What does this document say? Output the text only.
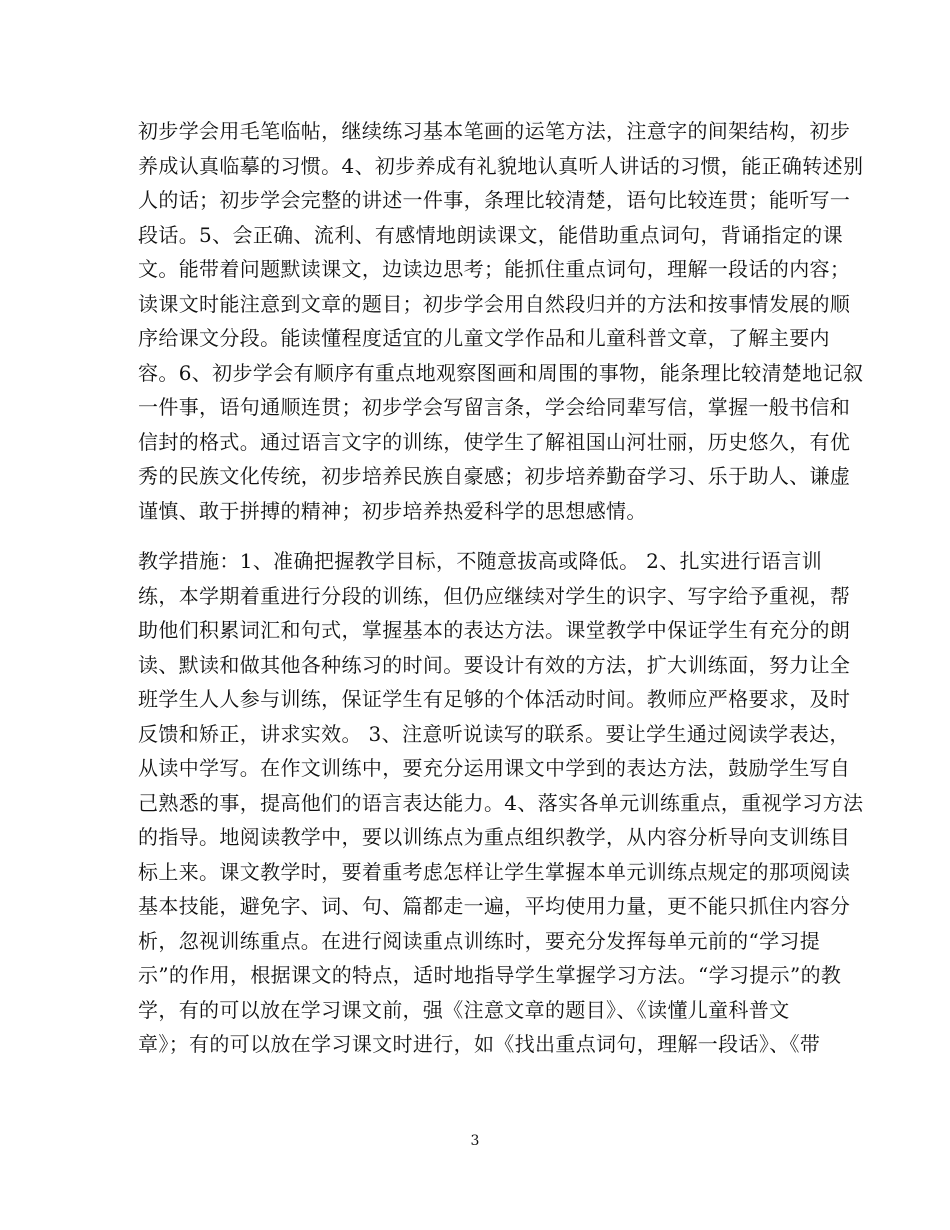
初步学会用毛笔临帖，继续练习基本笔画的运笔方法，注意字的间架结构，初步
养成认真临摹的习惯。4、初步养成有礼貌地认真听人讲话的习惯，能正确转述别
人的话；初步学会完整的讲述一件事，条理比较清楚，语句比较连贯；能听写一
段话。5、会正确、流利、有感情地朗读课文，能借助重点词句，背诵指定的课
文。能带着问题默读课文，边读边思考；能抓住重点词句，理解一段话的内容；
读课文时能注意到文章的题目；初步学会用自然段归并的方法和按事情发展的顺
序给课文分段。能读懂程度适宜的儿童文学作品和儿童科普文章，了解主要内
容。6、初步学会有顺序有重点地观察图画和周围的事物，能条理比较清楚地记叙
一件事，语句通顺连贯；初步学会写留言条，学会给同辈写信，掌握一般书信和
信封的格式。通过语言文字的训练，使学生了解祖国山河壮丽，历史悠久，有优
秀的民族文化传统，初步培养民族自豪感；初步培养勤奋学习、乐于助人、谦虚
谨慎、敢于拼搏的精神；初步培养热爱科学的思想感情。
教学措施：1、准确把握教学目标，不随意拔高或降低。 2、扎实进行语言训
练，本学期着重进行分段的训练，但仍应继续对学生的识字、写字给予重视，帮
助他们积累词汇和句式，掌握基本的表达方法。课堂教学中保证学生有充分的朗
读、默读和做其他各种练习的时间。要设计有效的方法，扩大训练面，努力让全
班学生人人参与训练，保证学生有足够的个体活动时间。教师应严格要求，及时
反馈和矫正，讲求实效。 3、注意听说读写的联系。要让学生通过阅读学表达，
从读中学写。在作文训练中，要充分运用课文中学到的表达方法，鼓励学生写自
己熟悉的事，提高他们的语言表达能力。4、落实各单元训练重点，重视学习方法
的指导。地阅读教学中，要以训练点为重点组织教学，从内容分析导向支训练目
标上来。课文教学时，要着重考虑怎样让学生掌握本单元训练点规定的那项阅读
基本技能，避免字、词、句、篇都走一遍，平均使用力量，更不能只抓住内容分
析，忽视训练重点。在进行阅读重点训练时，要充分发挥每单元前的“学习提
示”的作用，根据课文的特点，适时地指导学生掌握学习方法。“学习提示”的教
学，有的可以放在学习课文前，强《注意文章的题目》、《读懂儿童科普文
章》；有的可以放在学习课文时进行，如《找出重点词句，理解一段话》、《带
3
